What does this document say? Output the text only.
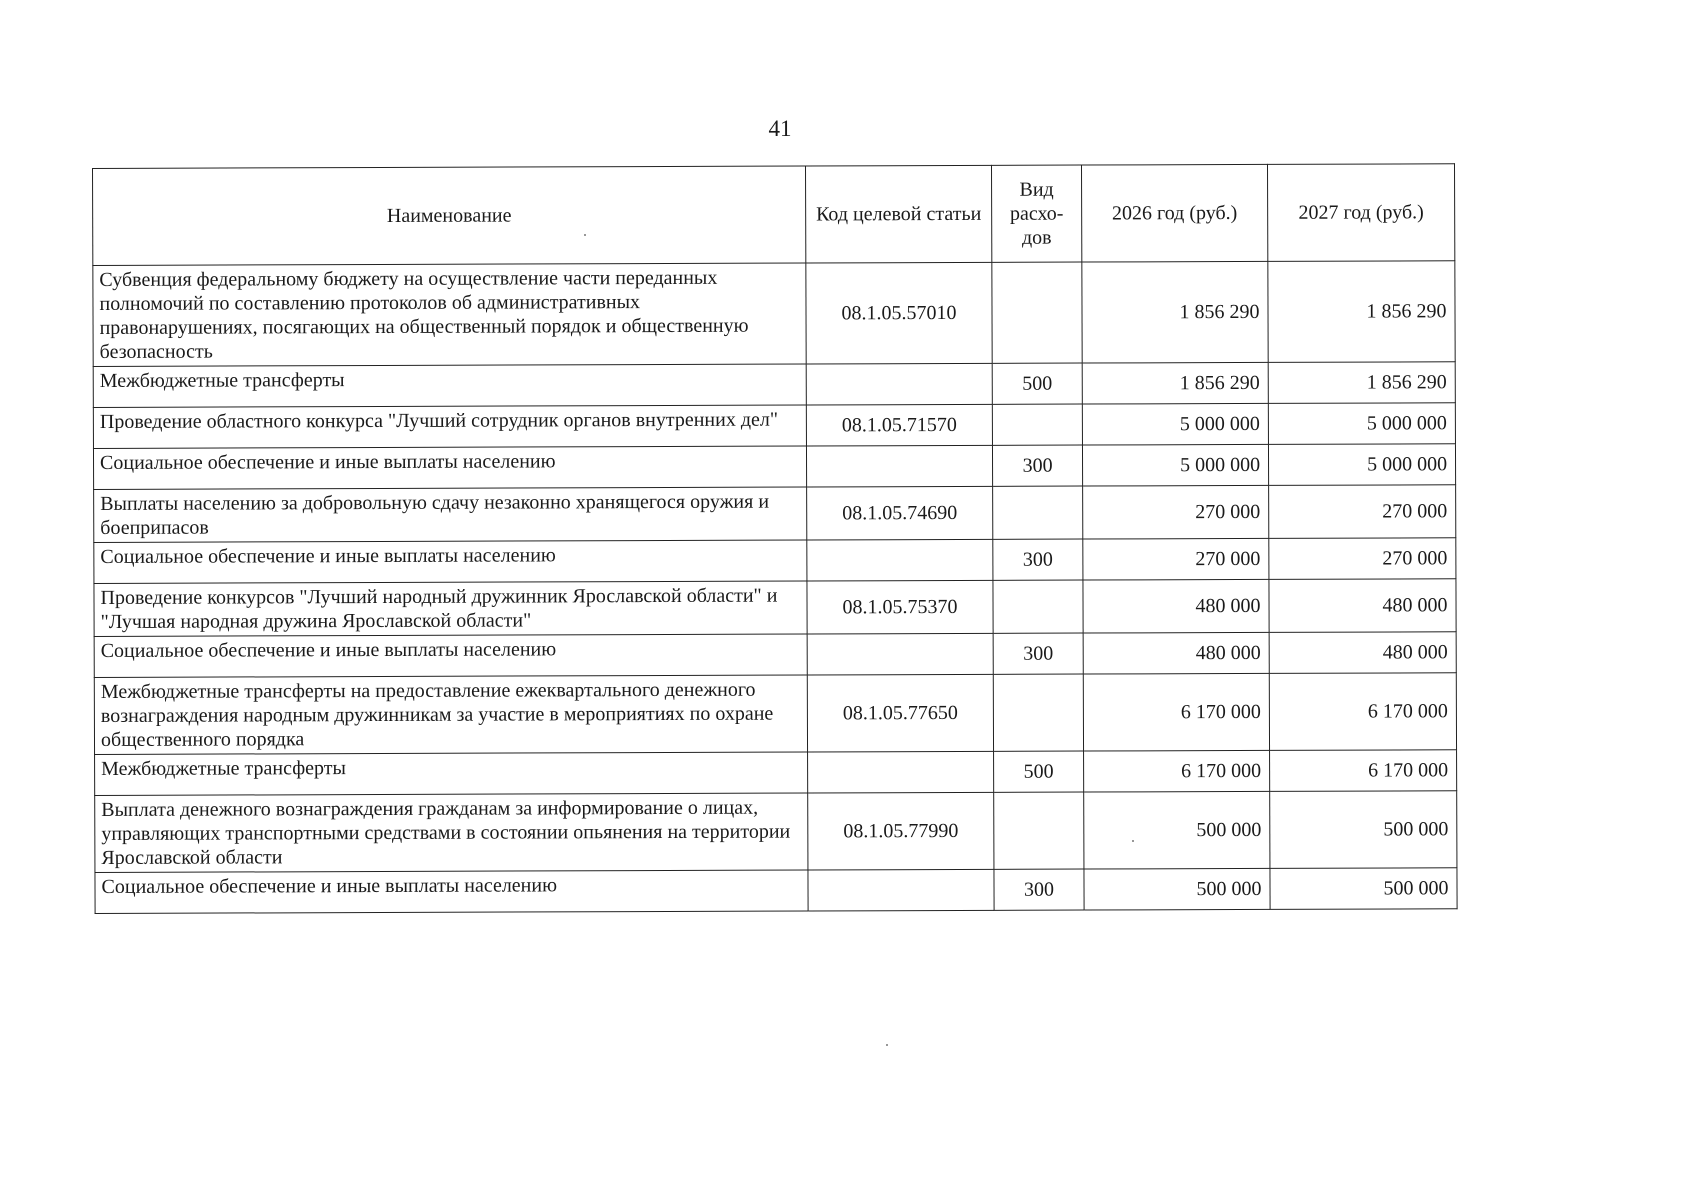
41
Наименование	Код целевой статьи	Вид расхо-дов	2026 год (руб.)	2027 год (руб.)
Субвенция федеральному бюджету на осуществление части переданных полномочий по составлению протоколов об административных правонарушениях, посягающих на общественный порядок и общественную безопасность	08.1.05.57010		1 856 290	1 856 290
Межбюджетные трансферты		500	1 856 290	1 856 290
Проведение областного конкурса "Лучший сотрудник органов внутренних дел"	08.1.05.71570		5 000 000	5 000 000
Социальное обеспечение и иные выплаты населению		300	5 000 000	5 000 000
Выплаты населению за добровольную сдачу незаконно хранящегося оружия и боеприпасов	08.1.05.74690		270 000	270 000
Социальное обеспечение и иные выплаты населению		300	270 000	270 000
Проведение конкурсов "Лучший народный дружинник Ярославской области" и "Лучшая народная дружина Ярославской области"	08.1.05.75370		480 000	480 000
Социальное обеспечение и иные выплаты населению		300	480 000	480 000
Межбюджетные трансферты на предоставление ежеквартального денежного вознаграждения народным дружинникам за участие в мероприятиях по охране общественного порядка	08.1.05.77650		6 170 000	6 170 000
Межбюджетные трансферты		500	6 170 000	6 170 000
Выплата денежного вознаграждения гражданам за информирование о лицах, управляющих транспортными средствами в состоянии опьянения на территории Ярославской области	08.1.05.77990		500 000	500 000
Социальное обеспечение и иные выплаты населению		300	500 000	500 000
